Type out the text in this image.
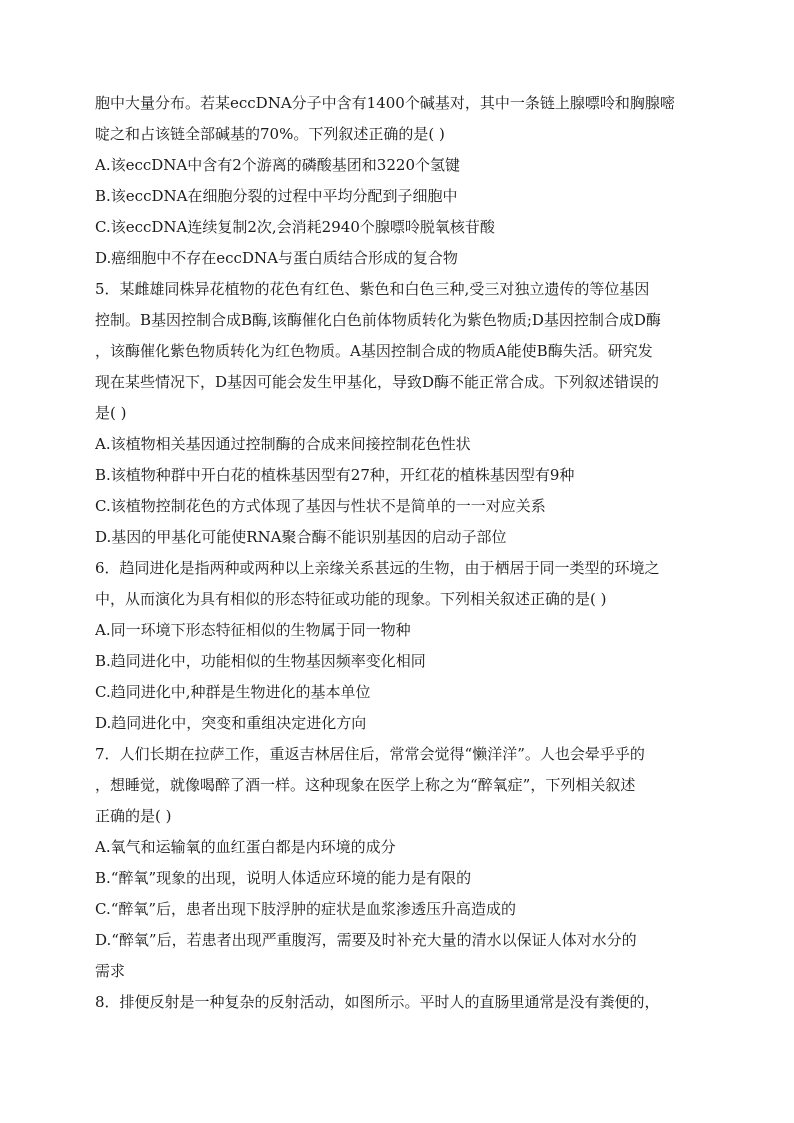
胞中大量分布。若某eccDNA分子中含有1400个碱基对，其中一条链上腺嘌呤和胸腺嘧
啶之和占该链全部碱基的70%。下列叙述正确的是( )
A.该eccDNA中含有2个游离的磷酸基团和3220个氢键
B.该eccDNA在细胞分裂的过程中平均分配到子细胞中
C.该eccDNA连续复制2次,会消耗2940个腺嘌呤脱氧核苷酸
D.癌细胞中不存在eccDNA与蛋白质结合形成的复合物
5．某雌雄同株异花植物的花色有红色、紫色和白色三种,受三对独立遗传的等位基因
控制。B基因控制合成B酶,该酶催化白色前体物质转化为紫色物质;D基因控制合成D酶
，该酶催化紫色物质转化为红色物质。A基因控制合成的物质A能使B酶失活。研究发
现在某些情况下，D基因可能会发生甲基化，导致D酶不能正常合成。下列叙述错误的
是( )
A.该植物相关基因通过控制酶的合成来间接控制花色性状
B.该植物种群中开白花的植株基因型有27种，开红花的植株基因型有9种
C.该植物控制花色的方式体现了基因与性状不是简单的一一对应关系
D.基因的甲基化可能使RNA聚合酶不能识别基因的启动子部位
6．趋同进化是指两种或两种以上亲缘关系甚远的生物，由于栖居于同一类型的环境之
中，从而演化为具有相似的形态特征或功能的现象。下列相关叙述正确的是( )
A.同一环境下形态特征相似的生物属于同一物种
B.趋同进化中，功能相似的生物基因频率变化相同
C.趋同进化中,种群是生物进化的基本单位
D.趋同进化中，突变和重组决定进化方向
7．人们长期在拉萨工作，重返吉林居住后，常常会觉得“懒洋洋”。人也会晕乎乎的
，想睡觉，就像喝醉了酒一样。这种现象在医学上称之为“醉氧症”，下列相关叙述
正确的是( )
A.氧气和运输氧的血红蛋白都是内环境的成分
B.“醉氧”现象的出现，说明人体适应环境的能力是有限的
C.“醉氧”后，患者出现下肢浮肿的症状是血浆渗透压升高造成的
D.“醉氧”后，若患者出现严重腹泻，需要及时补充大量的清水以保证人体对水分的
需求
8．排便反射是一种复杂的反射活动，如图所示。平时人的直肠里通常是没有粪便的，
